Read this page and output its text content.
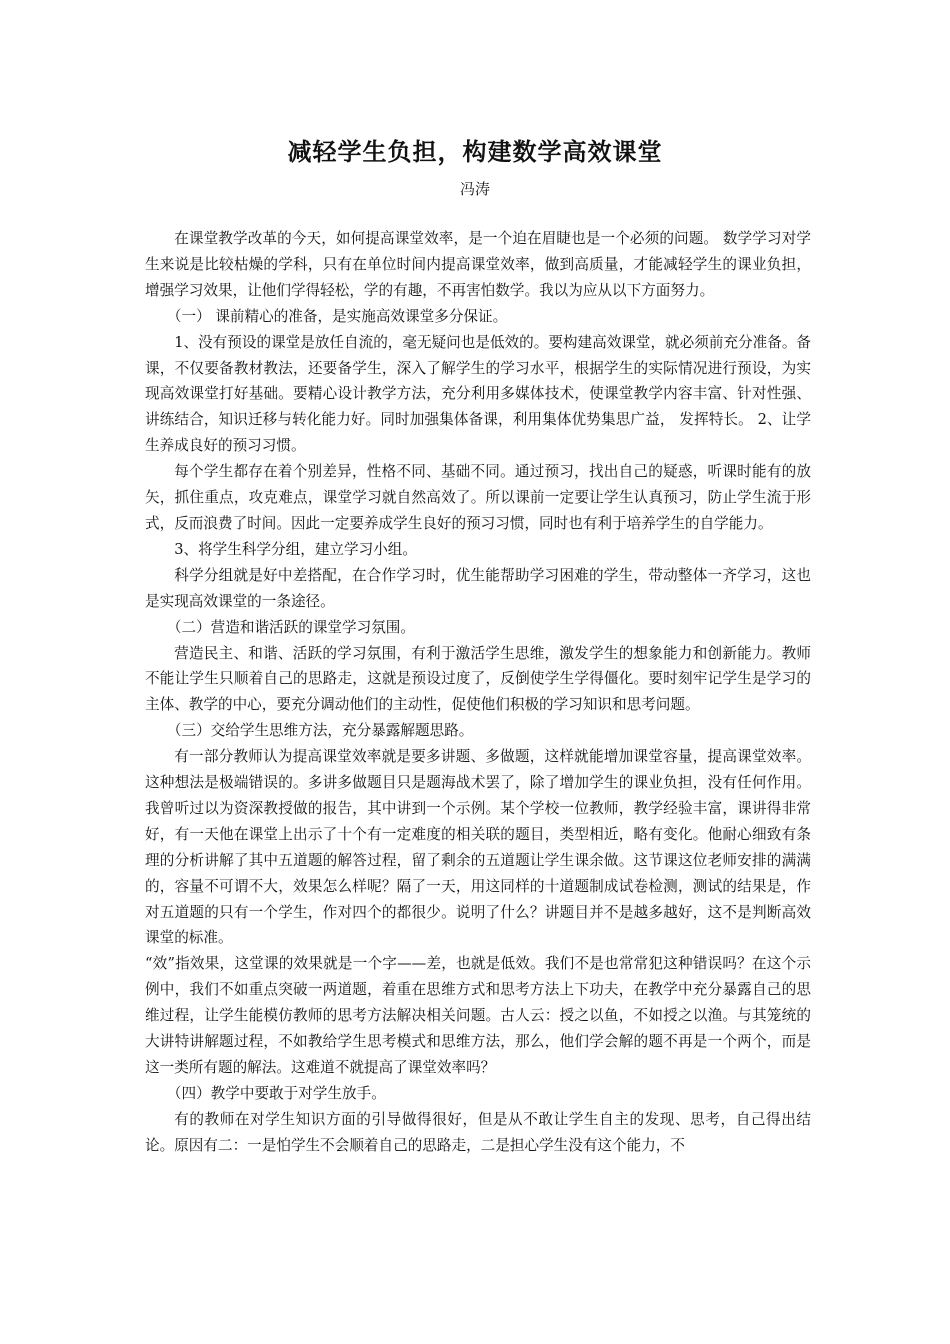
减轻学生负担，构建数学高效课堂
冯涛

在课堂教学改革的今天，如何提高课堂效率，是一个迫在眉睫也是一个必须的问题。 数学学习对学生来说是比较枯燥的学科，只有在单位时间内提高课堂效率，做到高质量，才能减轻学生的课业负担，增强学习效果，让他们学得轻松，学的有趣，不再害怕数学。我以为应从以下方面努力。

（一） 课前精心的准备，是实施高效课堂多分保证。

1、没有预设的课堂是放任自流的，毫无疑问也是低效的。要构建高效课堂，就必须前充分准备。备课，不仅要备教材教法，还要备学生，深入了解学生的学习水平，根据学生的实际情况进行预设，为实现高效课堂打好基础。要精心设计教学方法，充分利用多媒体技术，使课堂教学内容丰富、针对性强、讲练结合，知识迁移与转化能力好。同时加强集体备课，利用集体优势集思广益， 发挥特长。 2、让学生养成良好的预习习惯。

每个学生都存在着个别差异，性格不同、基础不同。通过预习，找出自己的疑惑，听课时能有的放矢，抓住重点，攻克难点，课堂学习就自然高效了。所以课前一定要让学生认真预习，防止学生流于形式，反而浪费了时间。因此一定要养成学生良好的预习习惯，同时也有利于培养学生的自学能力。

3、将学生科学分组，建立学习小组。

科学分组就是好中差搭配，在合作学习时，优生能帮助学习困难的学生，带动整体一齐学习，这也是实现高效课堂的一条途径。

（二）营造和谐活跃的课堂学习氛围。

营造民主、和谐、活跃的学习氛围，有利于激活学生思维，激发学生的想象能力和创新能力。教师不能让学生只顺着自己的思路走，这就是预设过度了，反倒使学生学得僵化。要时刻牢记学生是学习的主体、教学的中心，要充分调动他们的主动性，促使他们积极的学习知识和思考问题。

（三）交给学生思维方法，充分暴露解题思路。

有一部分教师认为提高课堂效率就是要多讲题、多做题，这样就能增加课堂容量，提高课堂效率。这种想法是极端错误的。多讲多做题目只是题海战术罢了，除了增加学生的课业负担，没有任何作用。我曾听过以为资深教授做的报告，其中讲到一个示例。某个学校一位教师，教学经验丰富，课讲得非常好，有一天他在课堂上出示了十个有一定难度的相关联的题目，类型相近，略有变化。他耐心细致有条理的分析讲解了其中五道题的解答过程，留了剩余的五道题让学生课余做。这节课这位老师安排的满满的，容量不可谓不大，效果怎么样呢？隔了一天，用这同样的十道题制成试卷检测，测试的结果是，作对五道题的只有一个学生，作对四个的都很少。说明了什么？讲题目并不是越多越好，这不是判断高效课堂的标准。

“效”指效果，这堂课的效果就是一个字——差，也就是低效。我们不是也常常犯这种错误吗？在这个示例中，我们不如重点突破一两道题，着重在思维方式和思考方法上下功夫，在教学中充分暴露自己的思维过程，让学生能模仿教师的思考方法解决相关问题。古人云：授之以鱼，不如授之以渔。与其笼统的大讲特讲解题过程，不如教给学生思考模式和思维方法，那么，他们学会解的题不再是一个两个，而是这一类所有题的解法。这难道不就提高了课堂效率吗？

（四）教学中要敢于对学生放手。

有的教师在对学生知识方面的引导做得很好，但是从不敢让学生自主的发现、思考，自己得出结论。原因有二：一是怕学生不会顺着自己的思路走，二是担心学生没有这个能力，不
